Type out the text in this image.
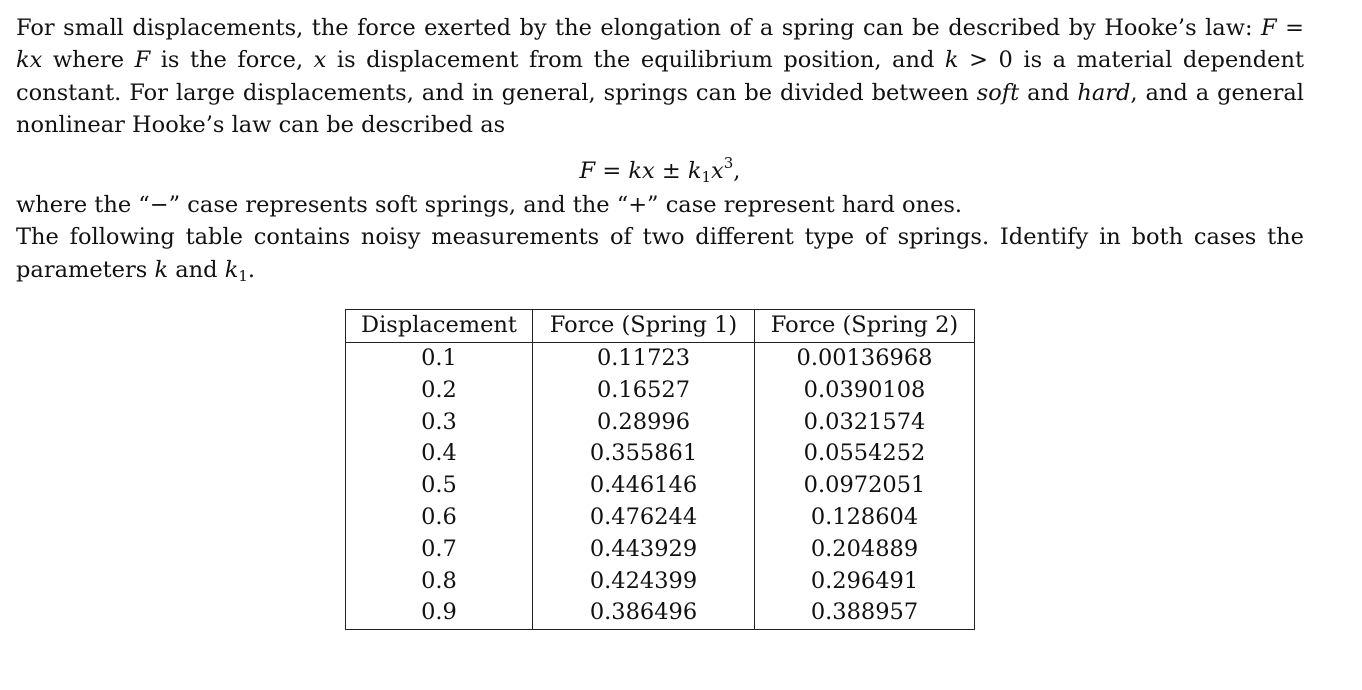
For small displacements, the force exerted by the elongation of a spring can be described by Hooke’s law: F = kx where F is the force, x is displacement from the equilibrium position, and k > 0 is a material dependent constant. For large displacements, and in general, springs can be divided between soft and hard, and a general nonlinear Hooke’s law can be described as

F = kx ± $k_1x^3$,

where the “−” case represents soft springs, and the “+” case represent hard ones.

The following table contains noisy measurements of two different type of springs. Identify in both cases the parameters k and $k_1$.

Displacement	Force (Spring 1)	Force (Spring 2)
0.1	0.11723	0.00136968
0.2	0.16527	0.0390108
0.3	0.28996	0.0321574
0.4	0.355861	0.0554252
0.5	0.446146	0.0972051
0.6	0.476244	0.128604
0.7	0.443929	0.204889
0.8	0.424399	0.296491
0.9	0.386496	0.388957
